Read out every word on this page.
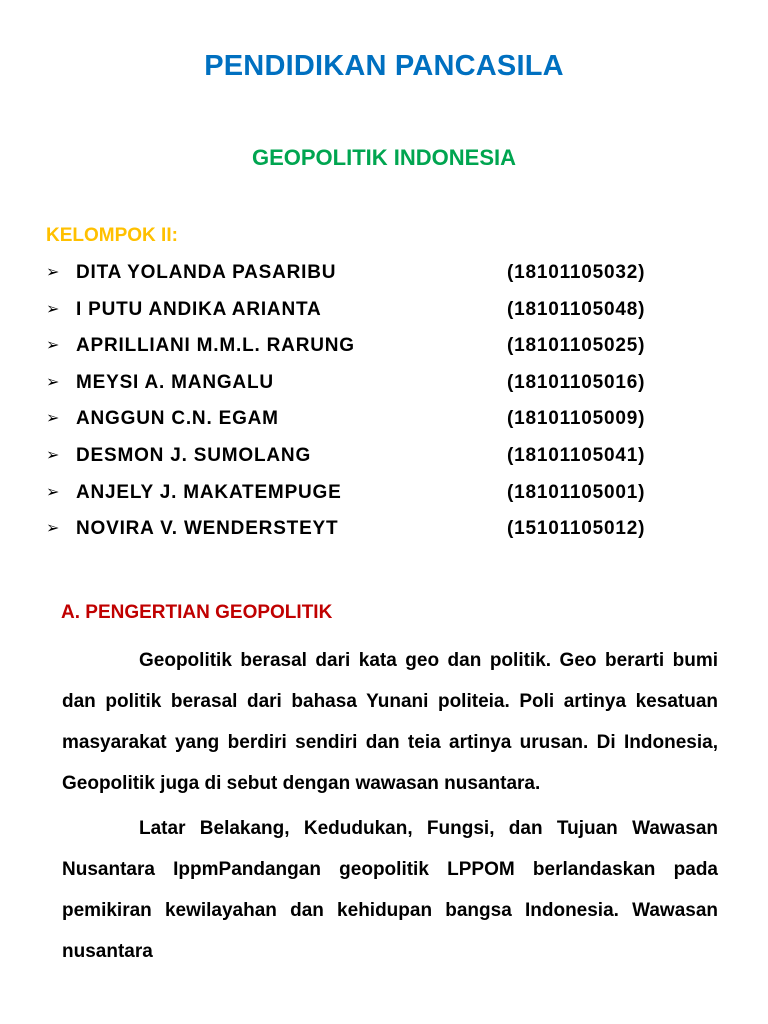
PENDIDIKAN PANCASILA
GEOPOLITIK INDONESIA
KELOMPOK II:
➢ DITA YOLANDA PASARIBU	(18101105032)
➢ I PUTU ANDIKA ARIANTA	(18101105048)
➢ APRILLIANI M.M.L. RARUNG	(18101105025)
➢ MEYSI A. MANGALU	(18101105016)
➢ ANGGUN C.N. EGAM	(18101105009)
➢ DESMON J. SUMOLANG	(18101105041)
➢ ANJELY J. MAKATEMPUGE	(18101105001)
➢ NOVIRA V. WENDERSTEYT	(15101105012)
A. PENGERTIAN GEOPOLITIK

Geopolitik berasal dari kata geo dan politik. Geo berarti bumi dan politik berasal dari bahasa Yunani politeia. Poli artinya kesatuan masyarakat yang berdiri sendiri dan teia artinya urusan. Di Indonesia, Geopolitik juga di sebut dengan wawasan nusantara.

Latar Belakang, Kedudukan, Fungsi, dan Tujuan Wawasan Nusantara IppmPandangan geopolitik LPPOM berlandaskan pada pemikiran kewilayahan dan kehidupan bangsa Indonesia. Wawasan nusantara
